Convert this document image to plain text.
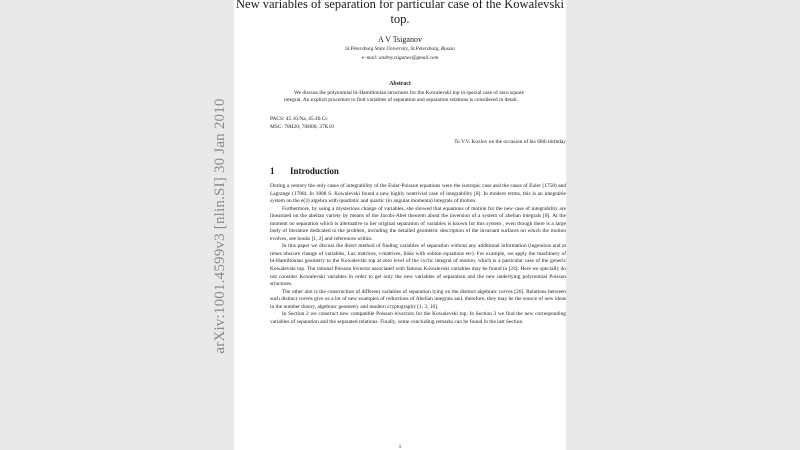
arXiv:1001.4599v3 [nlin.SI] 30 Jan 2010
New variables of separation for particular case of the Kowalevski top.
A V Tsiganov
St.Petersburg State University, St.Petersburg, Russia
e–mail: andrey.tsiganov@gmail.com
Abstract
We discuss the polynomial bi-Hamiltonian structures for the Kowalevski top in special case of zero square integral. An explicit procedure to find variables of separation and separation relations is considered in detail.
PACS: 45.10.Na, 45.40.Cc
MSC: 70H20; 70H06; 37K10
To V.V. Kozlov on the occasion of his 60th birthday
1 Introduction

During a century the only cases of integrability of the Euler-Poisson equations were the isotropic case and the cases of Euler (1758) and Lagrange (1788). In 1888 S. Kowalevski found a new highly nontrivial case of integrability [8]. In modern terms, this is an integrable system on the e(3) algebra with quadratic and quartic (in angular momenta) integrals of motion.

Furthermore, by using a mysterious change of variables, she showed that equations of motion for the new case of integrability are linearized on the abelian variety by means of the Jacobi-Abel theorem about the inversion of a system of abelian integrals [8]. At the moment no separation which is alternative to her original separation of variables is known for this system , even though there is a large body of literature dedicated to the problem, including the detailed geometric description of the invariant surfaces on which the motion evolves, see books [1, 2] and references within.

In this paper we discuss the direct method of finding variables of separation without any additional information (ingenious and at times obscure change of variables, Lax matrices, r-matrices, links with soliton equations etc). For example, we apply the machinery of bi-Hamiltonian geometry to the Kowalevski top at zero level of the cyclic integral of motion, which is a particular case of the generic Kowalevski top. The rational Poisson bivector associated with famous Kowalevski variables may be found in [24]. Here we specially do not consider Kowalevski variables in order to get only the new variables of separation and the new underlying polynomial Poisson structures.

The other aim is the construction of different variables of separation lying on the distinct algebraic curves [26]. Relations between such distinct curves give us a lot of new examples of reductions of Abelian integrals and, therefore, they may be the source of new ideas in the number theory, algebraic geometry and modern cryptography [1, 3, 10].

In Section 2 we construct new compatible Poisson bivectors for the Kowalevski top. In Section 3 we find the new corresponding variables of separation and the separated relations. Finally, some concluding remarks can be found in the last Section.

1
